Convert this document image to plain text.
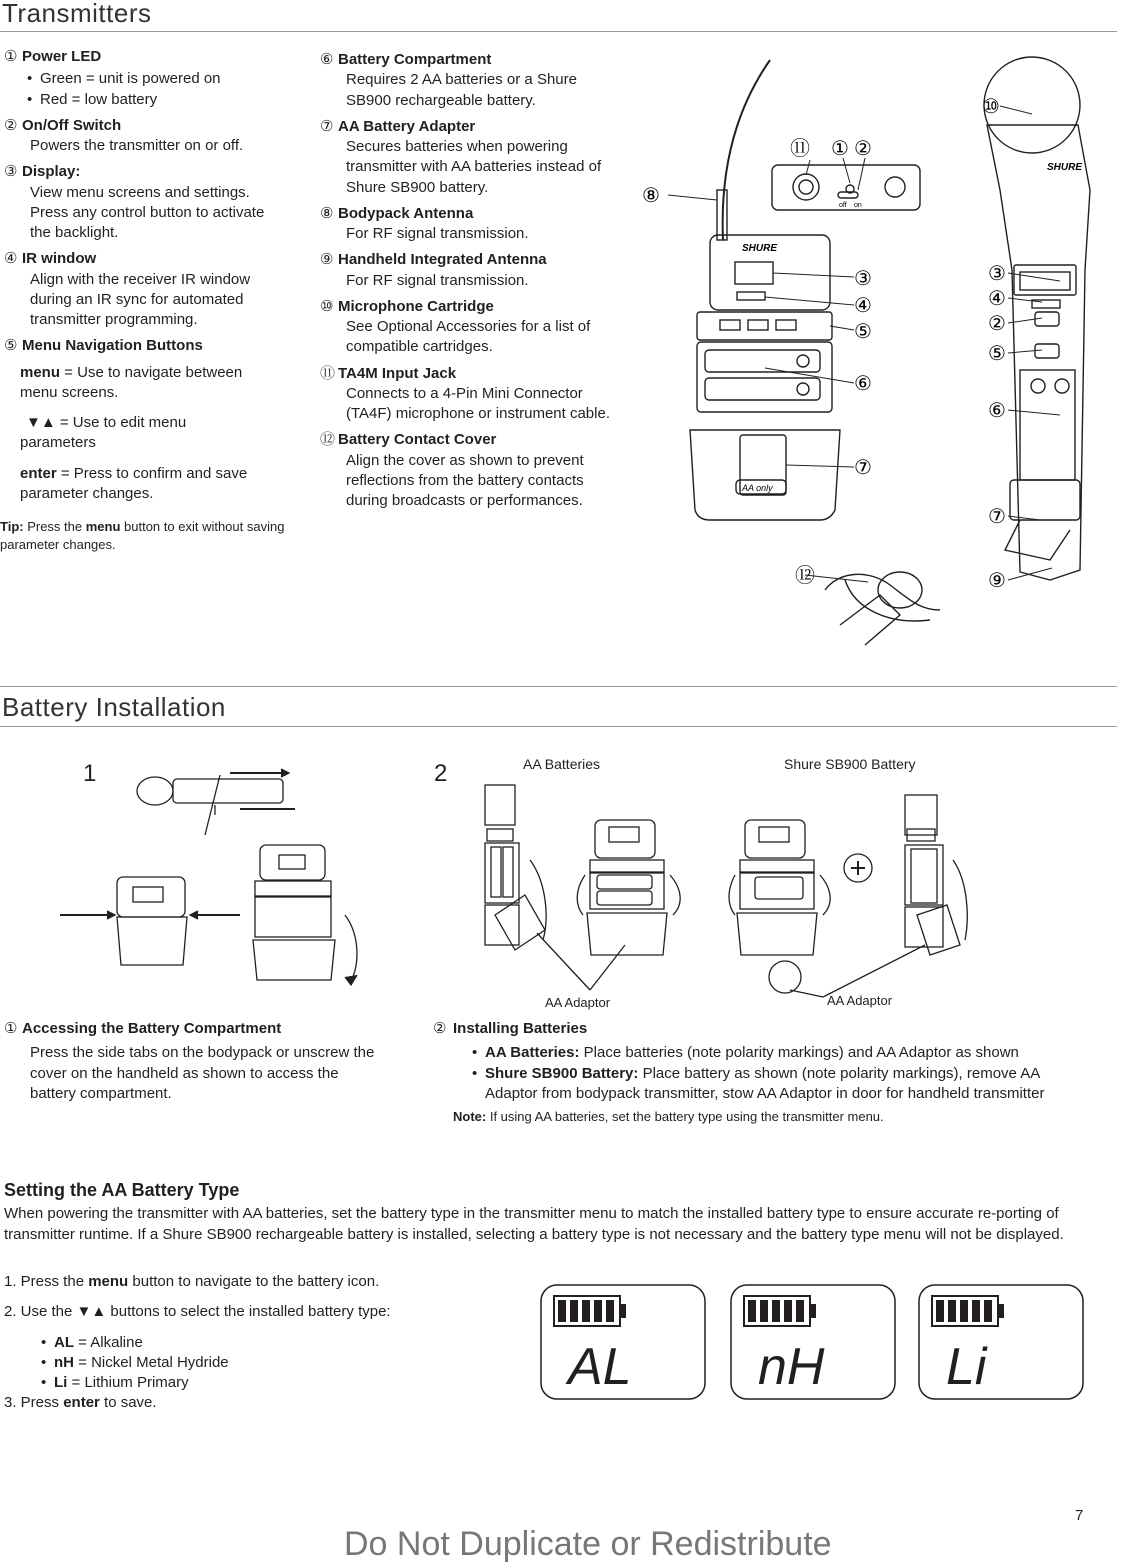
Transmitters
① Power LED
• Green = unit is powered on
• Red = low battery
② On/Off Switch
Powers the transmitter on or off.
③ Display:
View menu screens and settings. Press any control button to activate the backlight.
④ IR window
Align with the receiver IR window during an IR sync for automated transmitter programming.
⑤ Menu Navigation Buttons
menu = Use to navigate between menu screens.
▼▲ = Use to edit menu parameters
enter = Press to confirm and save parameter changes.
Tip: Press the menu button to exit without saving parameter changes.
⑥ Battery Compartment
Requires 2 AA batteries or a Shure SB900 rechargeable battery.
⑦ AA Battery Adapter
Secures batteries when powering transmitter with AA batteries instead of Shure SB900 battery.
⑧ Bodypack Antenna
For RF signal transmission.
⑨ Handheld Integrated Antenna
For RF signal transmission.
⑩ Microphone Cartridge
See Optional Accessories for a list of compatible cartridges.
⑪ TA4M Input Jack
Connects to a 4-Pin Mini Connector (TA4F) microphone or instrument cable.
⑫ Battery Contact Cover
Align the cover as shown to prevent reflections from the battery contacts during broadcasts or performances.
SHURE
SHURE
off on
AA only
⑪ ① ②
⑧
③
④
⑤
⑥
⑦
⑫
⑩
③
④
②
⑤
⑥
⑦
⑨
Battery Installation
1	2	AA Batteries	Shure SB900 Battery
AA Adaptor	AA Adaptor
① Accessing the Battery Compartment
Press the side tabs on the bodypack or unscrew the cover on the handheld as shown to access the battery compartment.
② Installing Batteries
• AA Batteries: Place batteries (note polarity markings) and AA Adaptor as shown
• Shure SB900 Battery: Place battery as shown (note polarity markings), remove AA Adaptor from bodypack transmitter, stow AA Adaptor in door for handheld transmitter
Note: If using AA batteries, set the battery type using the transmitter menu.
Setting the AA Battery Type
When powering the transmitter with AA batteries, set the battery type in the transmitter menu to match the installed battery type to ensure accurate re-porting of transmitter runtime. If a Shure SB900 rechargeable battery is installed, selecting a battery type is not necessary and the battery type menu will not be displayed.
1. Press the menu button to navigate to the battery icon.
2. Use the ▼▲ buttons to select the installed battery type:
• AL = Alkaline
• nH = Nickel Metal Hydride
• Li = Lithium Primary
3. Press enter to save.
AL nH Li
7
Do Not Duplicate or Redistribute
